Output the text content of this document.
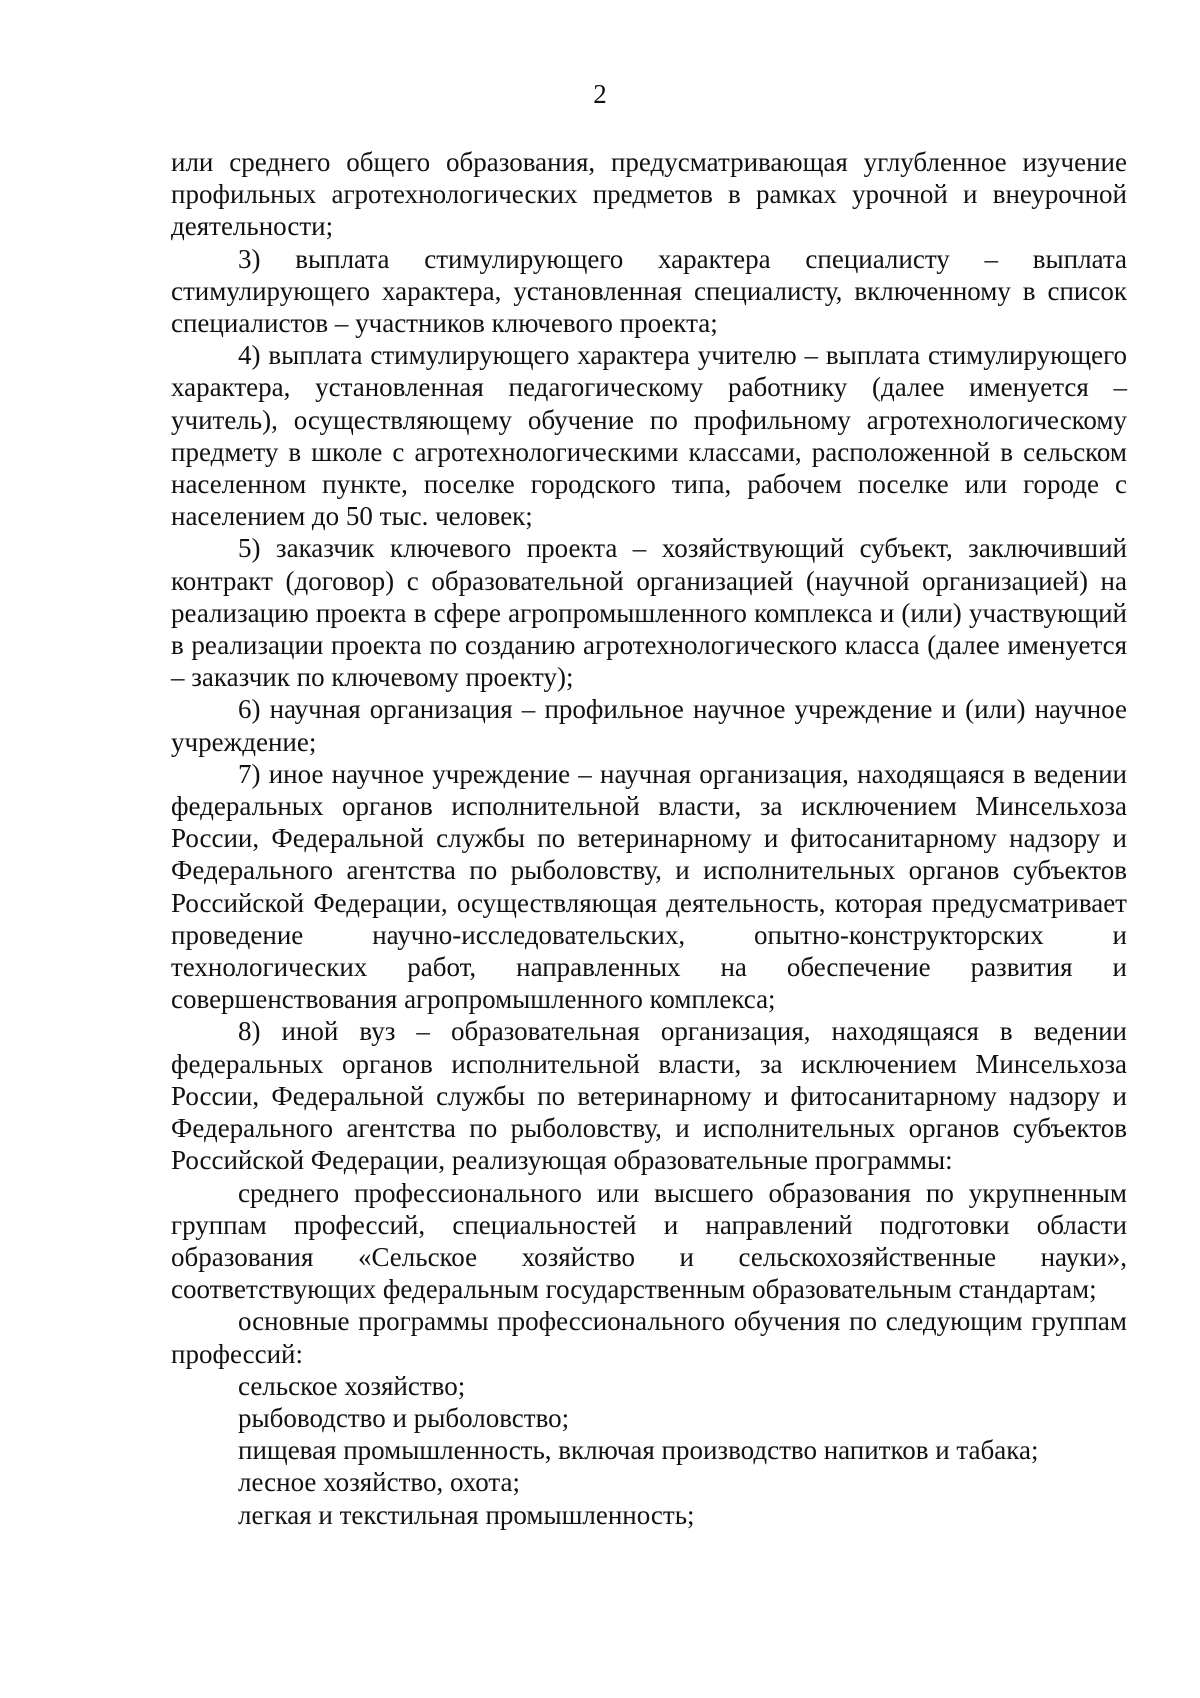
2

или среднего общего образования, предусматривающая углубленное изучение профильных агротехнологических предметов в рамках урочной и внеурочной деятельности;

3) выплата стимулирующего характера специалисту – выплата стимулирующего характера, установленная специалисту, включенному в список специалистов – участников ключевого проекта;

4) выплата стимулирующего характера учителю – выплата стимулирующего характера, установленная педагогическому работнику (далее именуется – учитель), осуществляющему обучение по профильному агротехнологическому предмету в школе с агротехнологическими классами, расположенной в сельском населенном пункте, поселке городского типа, рабочем поселке или городе с населением до 50 тыс. человек;

5) заказчик ключевого проекта – хозяйствующий субъект, заключивший контракт (договор) с образовательной организацией (научной организацией) на реализацию проекта в сфере агропромышленного комплекса и (или) участвующий в реализации проекта по созданию агротехнологического класса (далее именуется – заказчик по ключевому проекту);

6) научная организация – профильное научное учреждение и (или) научное учреждение;

7) иное научное учреждение – научная организация, находящаяся в ведении федеральных органов исполнительной власти, за исключением Минсельхоза России, Федеральной службы по ветеринарному и фитосанитарному надзору и Федерального агентства по рыболовству, и исполнительных органов субъектов Российской Федерации, осуществляющая деятельность, которая предусматривает проведение научно-исследовательских, опытно-конструкторских и технологических работ, направленных на обеспечение развития и совершенствования агропромышленного комплекса;

8) иной вуз – образовательная организация, находящаяся в ведении федеральных органов исполнительной власти, за исключением Минсельхоза России, Федеральной службы по ветеринарному и фитосанитарному надзору и Федерального агентства по рыболовству, и исполнительных органов субъектов Российской Федерации, реализующая образовательные программы:

среднего профессионального или высшего образования по укрупненным группам профессий, специальностей и направлений подготовки области образования «Сельское хозяйство и сельскохозяйственные науки», соответствующих федеральным государственным образовательным стандартам;

основные программы профессионального обучения по следующим группам профессий:

сельское хозяйство;

рыбоводство и рыболовство;

пищевая промышленность, включая производство напитков и табака;

лесное хозяйство, охота;

легкая и текстильная промышленность;
